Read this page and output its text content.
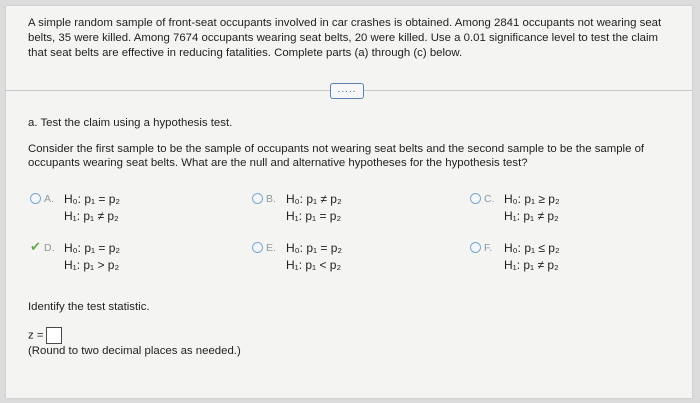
A simple random sample of front-seat occupants involved in car crashes is obtained. Among 2841 occupants not wearing seat belts, 35 were killed. Among 7674 occupants wearing seat belts, 20 were killed. Use a 0.01 significance level to test the claim that seat belts are effective in reducing fatalities. Complete parts (a) through (c) below.
.....
a. Test the claim using a hypothesis test.
Consider the first sample to be the sample of occupants not wearing seat belts and the second sample to be the sample of occupants wearing seat belts. What are the null and alternative hypotheses for the hypothesis test?
A. H₀: p₁ = p₂
H₁: p₁ ≠ p₂
B. H₀: p₁ ≠ p₂
H₁: p₁ = p₂
C. H₀: p₁ ≥ p₂
H₁: p₁ ≠ p₂
✔ D. H₀: p₁ = p₂
H₁: p₁ > p₂
E. H₀: p₁ = p₂
H₁: p₁ < p₂
F. H₀: p₁ ≤ p₂
H₁: p₁ ≠ p₂
Identify the test statistic.
z =
(Round to two decimal places as needed.)
